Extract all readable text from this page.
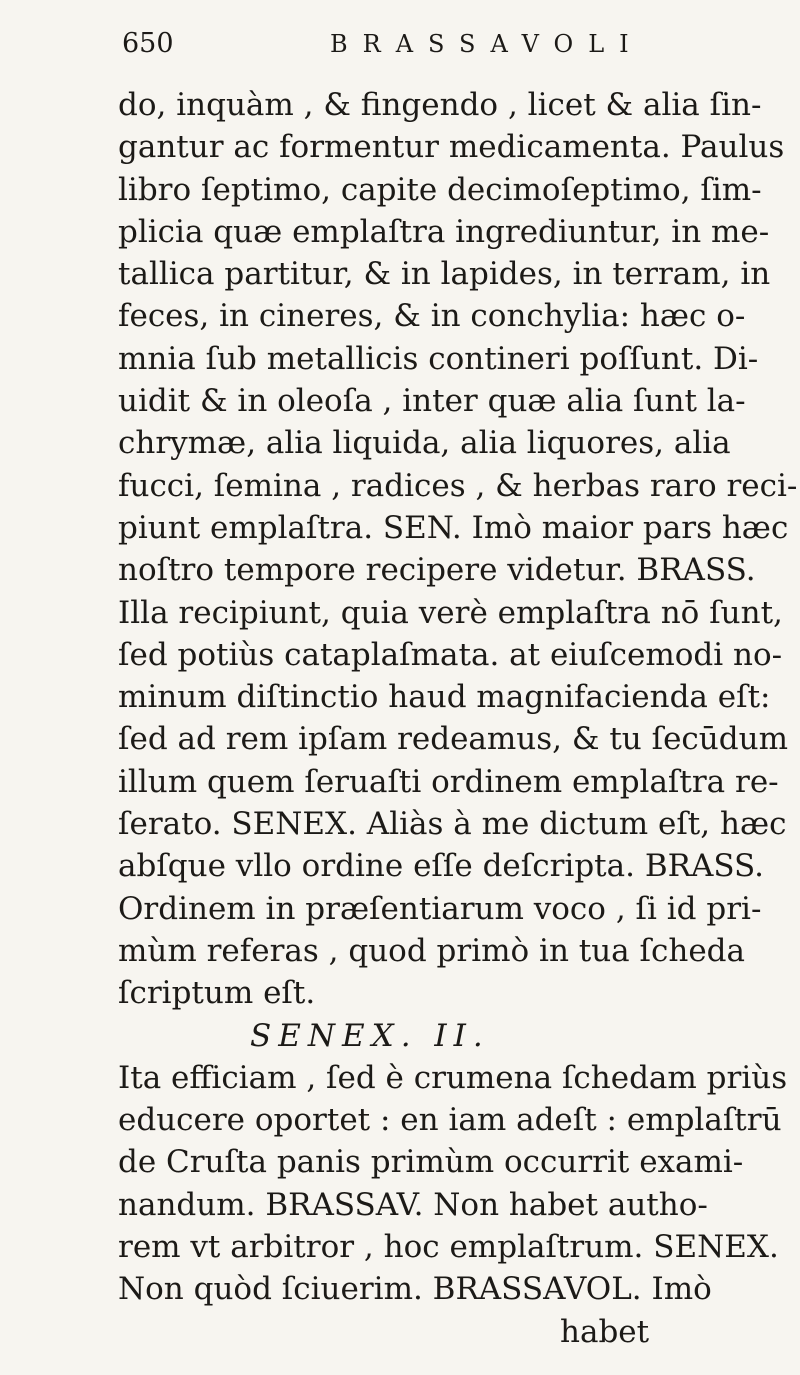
650	BRASSAVOLI
do, inquàm , & fingendo , licet & alia ſin-
gantur ac formentur medicamenta. Paulus
libro ſeptimo, capite decimoſeptimo, ſim-
plicia quæ emplaſtra ingrediuntur, in me-
tallica partitur, & in lapides, in terram, in
feces, in cineres, & in conchylia: hæc o-
mnia ſub metallicis contineri poſſunt. Di-
uidit & in oleoſa , inter quæ alia ſunt la-
chrymæ, alia liquida, alia liquores, alia
fucci, ſemina , radices , & herbas raro reci-
piunt emplaſtra. SEN. Imò maior pars hæc
noſtro tempore recipere videtur. BRASS.
Illa recipiunt, quia verè emplaſtra nō ſunt,
ſed potiùs cataplaſmata. at eiuſcemodi no-
minum diſtinctio haud magnifacienda eſt:
ſed ad rem ipſam redeamus, & tu ſecūdum
illum quem ſeruaſti ordinem emplaſtra re-
ſerato. SENEX. Aliàs à me dictum eſt, hæc
abſque vllo ordine eſſe deſcripta. BRASS.
Ordinem in præſentiarum voco , ſi id pri-
mùm referas , quod primò in tua ſcheda
ſcriptum eſt.
SENEX. II.
Ita efficiam , ſed è crumena ſchedam priùs
educere oportet : en iam adeſt : emplaſtrū
de Cruſta panis primùm occurrit exami-
nandum. BRASSAV. Non habet autho-
rem vt arbitror , hoc emplaſtrum. SENEX.
Non quòd ſciuerim. BRASSAVOL. Imò
habet
